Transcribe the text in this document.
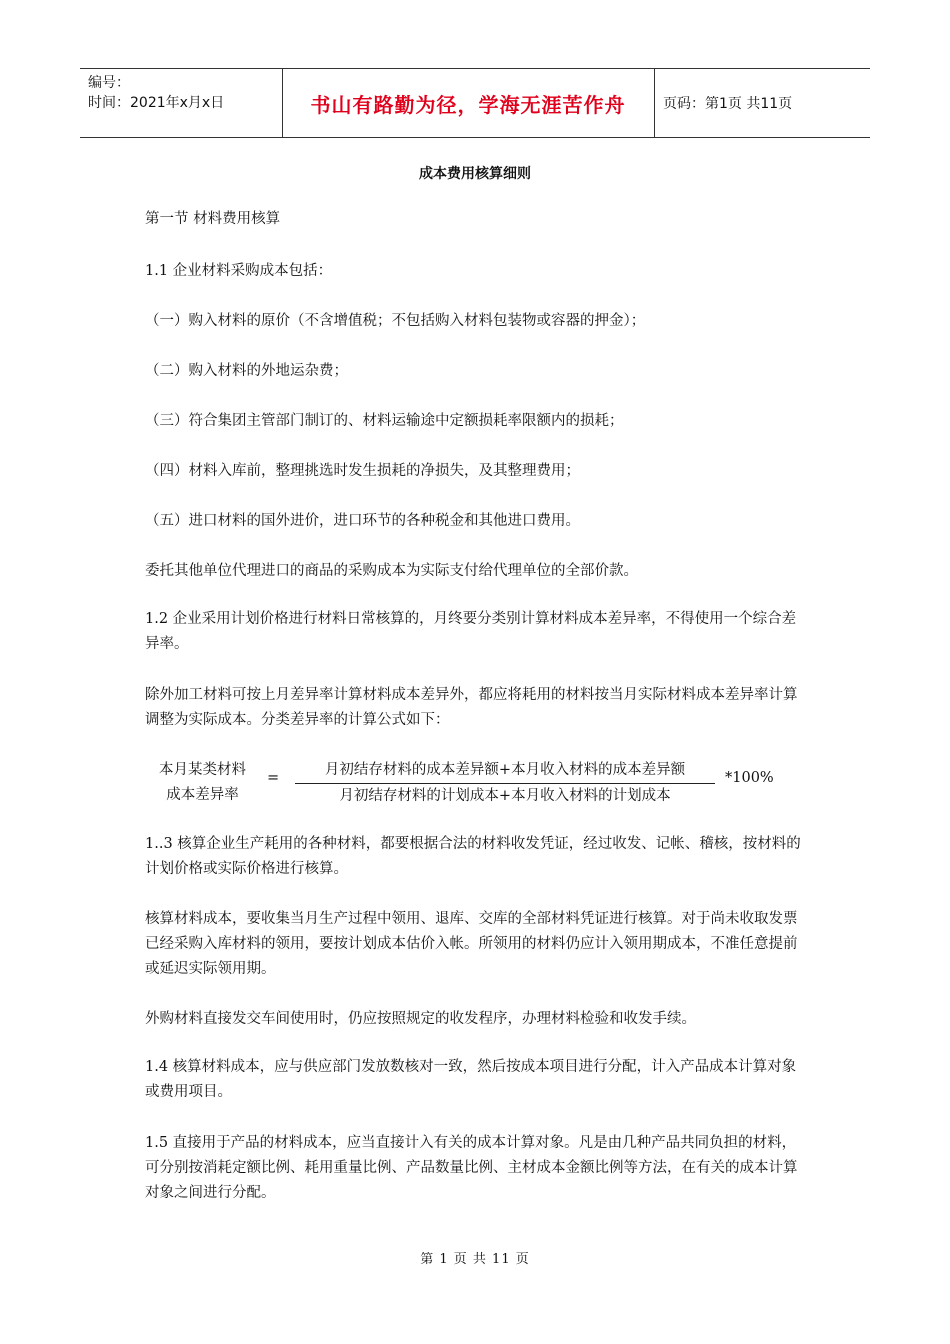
编号：
时间：2021年x月x日	书山有路勤为径，学海无涯苦作舟	页码：第1页 共11页
成本费用核算细则

第一节 材料费用核算

1.1 企业材料采购成本包括：

（一）购入材料的原价（不含增值税；不包括购入材料包装物或容器的押金）；

（二）购入材料的外地运杂费；

（三）符合集团主管部门制订的、材料运输途中定额损耗率限额内的损耗；

（四）材料入库前，整理挑选时发生损耗的净损失，及其整理费用；

（五）进口材料的国外进价，进口环节的各种税金和其他进口费用。

委托其他单位代理进口的商品的采购成本为实际支付给代理单位的全部价款。

1.2 企业采用计划价格进行材料日常核算的，月终要分类别计算材料成本差异率，不得使用一个综合差异率。

除外加工材料可按上月差异率计算材料成本差异外，都应将耗用的材料按当月实际材料成本差异率计算调整为实际成本。分类差异率的计算公式如下：

本月某类材料
成本差异率
=	月初结存材料的成本差异额+本月收入材料的成本差异额
月初结存材料的计划成本+本月收入材料的计划成本
*100%

1..3 核算企业生产耗用的各种材料，都要根据合法的材料收发凭证，经过收发、记帐、稽核，按材料的计划价格或实际价格进行核算。

核算材料成本，要收集当月生产过程中领用、退库、交库的全部材料凭证进行核算。对于尚未收取发票已经采购入库材料的领用，要按计划成本估价入帐。所领用的材料仍应计入领用期成本，不准任意提前或延迟实际领用期。

外购材料直接发交车间使用时，仍应按照规定的收发程序，办理材料检验和收发手续。

1.4 核算材料成本，应与供应部门发放数核对一致，然后按成本项目进行分配，计入产品成本计算对象或费用项目。

1.5 直接用于产品的材料成本，应当直接计入有关的成本计算对象。凡是由几种产品共同负担的材料，可分别按消耗定额比例、耗用重量比例、产品数量比例、主材成本金额比例等方法，在有关的成本计算对象之间进行分配。

第 1 页 共 11 页
